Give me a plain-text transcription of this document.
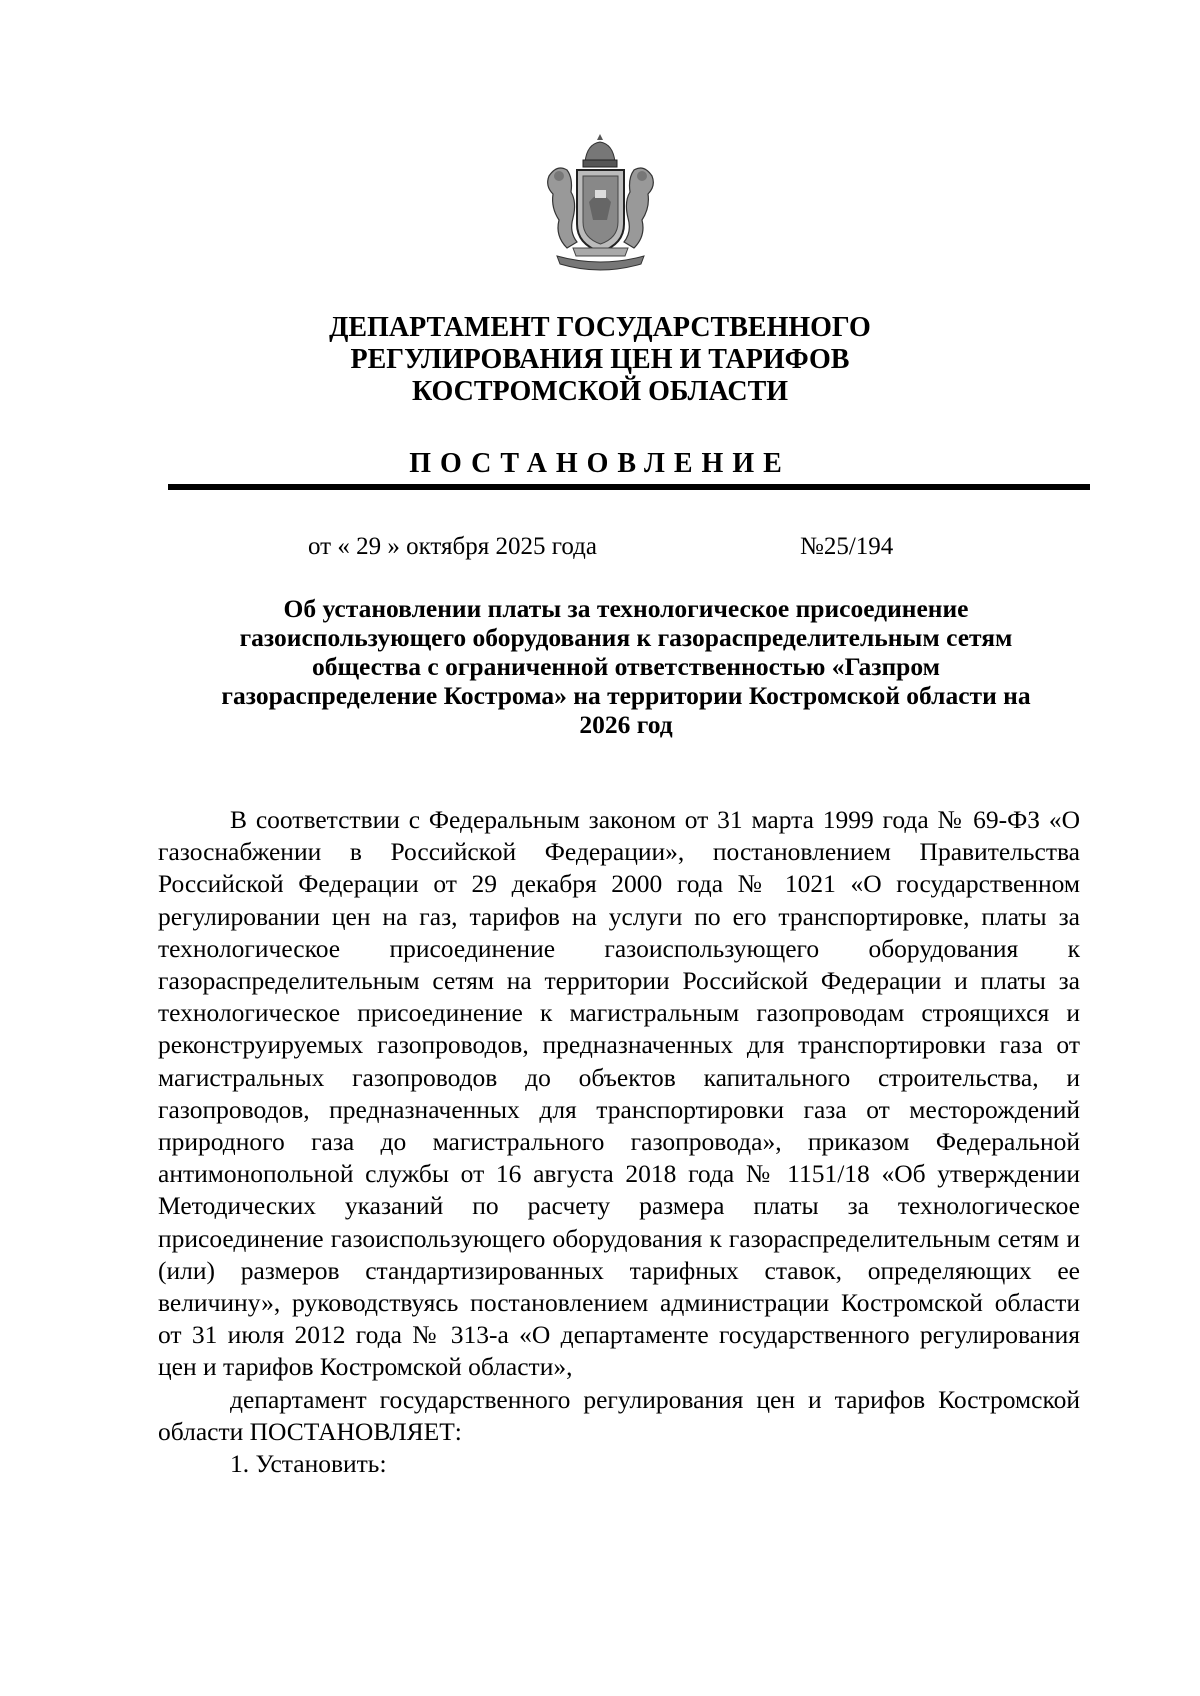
ДЕПАРТАМЕНТ ГОСУДАРСТВЕННОГО
РЕГУЛИРОВАНИЯ ЦЕН И ТАРИФОВ
КОСТРОМСКОЙ ОБЛАСТИ
ПОСТАНОВЛЕНИЕ
от « 29 » октября 2025 года	№25/194
Об установлении платы за технологическое присоединение
газоиспользующего оборудования к газораспределительным сетям
общества с ограниченной ответственностью «Газпром
газораспределение Кострома» на территории Костромской области на
2026 год

В соответствии с Федеральным законом от 31 марта 1999 года № 69-ФЗ «О газоснабжении в Российской Федерации», постановлением Правительства Российской Федерации от 29 декабря 2000 года № 1021 «О государственном регулировании цен на газ, тарифов на услуги по его транспортировке, платы за технологическое присоединение газоиспользующего оборудования к газораспределительным сетям на территории Российской Федерации и платы за технологическое присоединение к магистральным газопроводам строящихся и реконструируемых газопроводов, предназначенных для транспортировки газа от магистральных газопроводов до объектов капитального строительства, и газопроводов, предназначенных для транспортировки газа от месторождений природного газа до магистрального газопровода», приказом Федеральной антимонопольной службы от 16 августа 2018 года № 1151/18 «Об утверждении Методических указаний по расчету размера платы за технологическое присоединение газоиспользующего оборудования к газораспределительным сетям и (или) размеров стандартизированных тарифных ставок, определяющих ее величину», руководствуясь постановлением администрации Костромской области от 31 июля 2012 года № 313-а «О департаменте государственного регулирования цен и тарифов Костромской области»,

департамент государственного регулирования цен и тарифов Костромской области ПОСТАНОВЛЯЕТ:

1. Установить:
